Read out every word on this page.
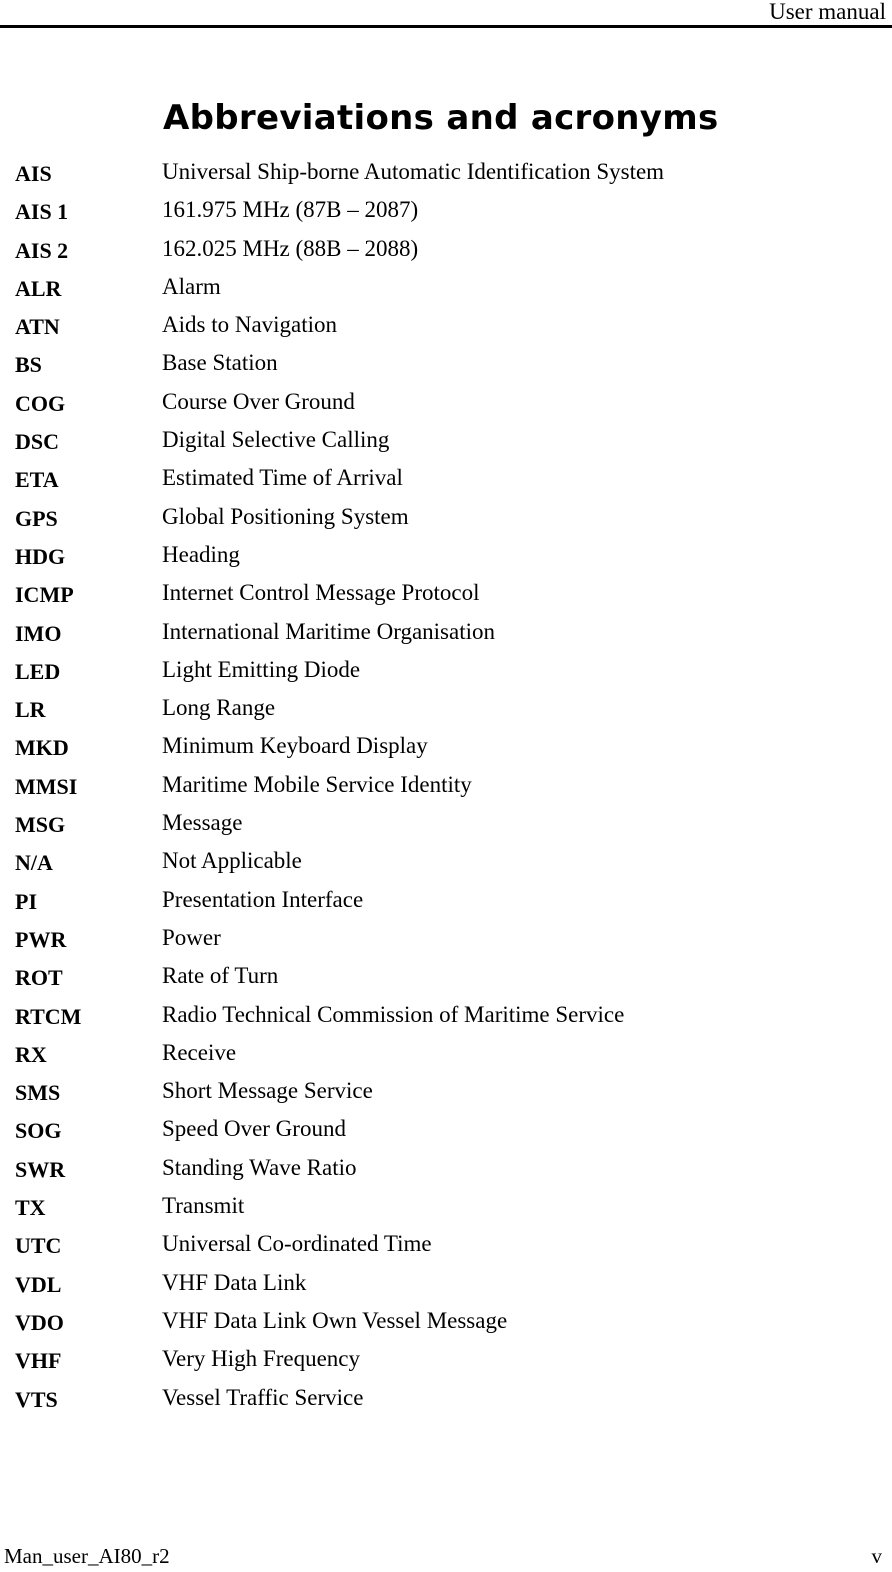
User manual
Abbreviations and acronyms
AIS	Universal Ship-borne Automatic Identification System
AIS 1	161.975 MHz (87B – 2087)
AIS 2	162.025 MHz (88B – 2088)
ALR	Alarm
ATN	Aids to Navigation
BS	Base Station
COG	Course Over Ground
DSC	Digital Selective Calling
ETA	Estimated Time of Arrival
GPS	Global Positioning System
HDG	Heading
ICMP	Internet Control Message Protocol
IMO	International Maritime Organisation
LED	Light Emitting Diode
LR	Long Range
MKD	Minimum Keyboard Display
MMSI	Maritime Mobile Service Identity
MSG	Message
N/A	Not Applicable
PI	Presentation Interface
PWR	Power
ROT	Rate of Turn
RTCM	Radio Technical Commission of Maritime Service
RX	Receive
SMS	Short Message Service
SOG	Speed Over Ground
SWR	Standing Wave Ratio
TX	Transmit
UTC	Universal Co-ordinated Time
VDL	VHF Data Link
VDO	VHF Data Link Own Vessel Message
VHF	Very High Frequency
VTS	Vessel Traffic Service
Man_user_AI80_r2	v
